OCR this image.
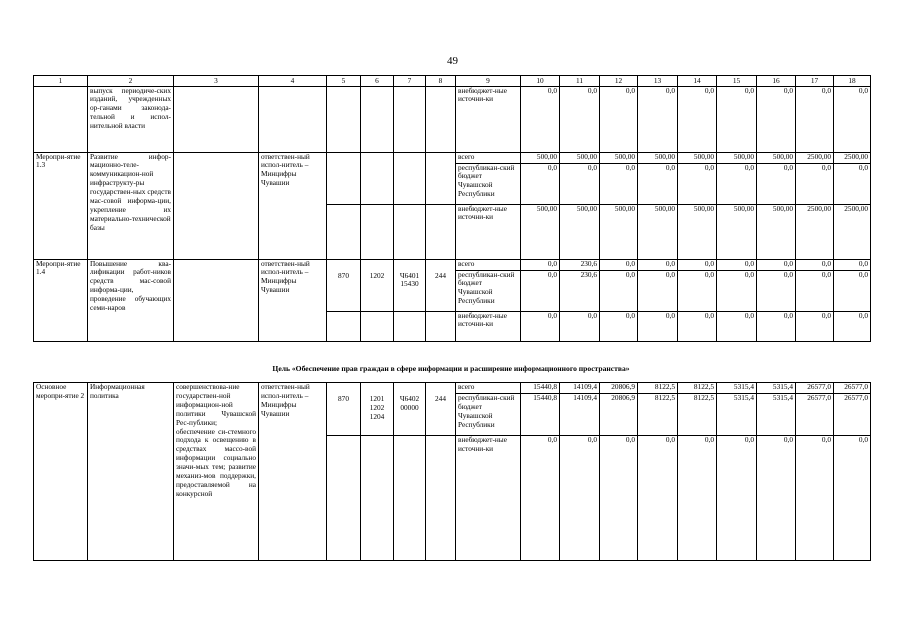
49
1	2	3	4	5	6	7	8	9	10	11	12	13	14	15	16	17	18
	выпуск периодиче-ских изданий, учрежденных ор-ганами законода-тельной и испол-нительной власти							внебюджет-ные источни-ки	0,0	0,0	0,0	0,0	0,0	0,0	0,0	0,0	0,0
Меропри-ятие 1.3	Развитие инфор-мационно-теле-коммуникацион-ной инфраструкту-ры государствен-ных средств мас-совой информа-ции, укрепление их материально-технической базы		ответствен-ный испол-нитель – Минцифры Чувашии					всего	500,00	500,00	500,00	500,00	500,00	500,00	500,00	2500,00	2500,00
								республикан-ский бюджет Чувашской Республики	0,0	0,0	0,0	0,0	0,0	0,0	0,0	0,0	0,0
								внебюджет-ные источни-ки	500,00	500,00	500,00	500,00	500,00	500,00	500,00	2500,00	2500,00
Меропри-ятие 1.4	Повышение ква-лификации работ-ников средств мас-совой информа-ции, проведение обучающих семи-наров		ответствен-ный испол-нитель – Минцифры Чувашии	870	1202	Ч6401 15430	244	всего	0,0	230,6	0,0	0,0	0,0	0,0	0,0	0,0	0,0
								республикан-ский бюджет Чувашской Республики	0,0	230,6	0,0	0,0	0,0	0,0	0,0	0,0	0,0
								внебюджет-ные источни-ки	0,0	0,0	0,0	0,0	0,0	0,0	0,0	0,0	0,0
Цель «Обеспечение прав граждан в сфере информации и расширение информационного пространства»
Основное меропри-ятие 2	Информационная политика	совершенствова-ние государствен-ной информацион-ной политики Чувашской Рес-публики; обеспечение си-стемного подхода к освещению в средствах массо-вой информации социально значи-мых тем; развитие механиз-мов поддержки, предоставляемой на конкурсной	ответствен-ный испол-нитель – Минцифры Чувашии	870	1201 1202 1204	Ч6402 00000	244	всего	15440,8	14109,4	20806,9	8122,5	8122,5	5315,4	5315,4	26577,0	26577,0
								республикан-ский бюджет Чувашской Республики	15440,8	14109,4	20806,9	8122,5	8122,5	5315,4	5315,4	26577,0	26577,0
								внебюджет-ные источни-ки	0,0	0,0	0,0	0,0	0,0	0,0	0,0	0,0	0,0
